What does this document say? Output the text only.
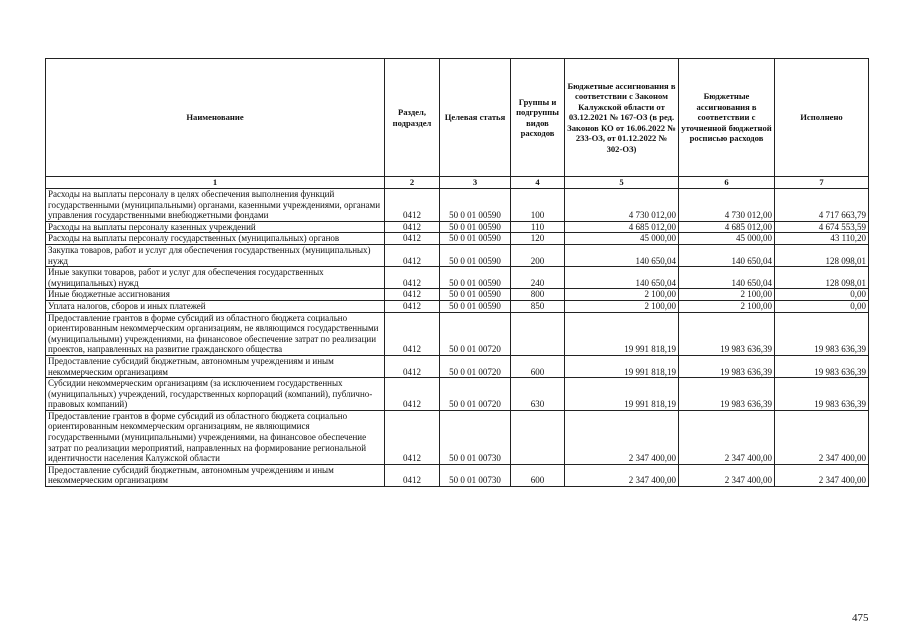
Наименование	Раздел, подраздел	Целевая статья	Группы и подгруппы видов расходов	Бюджетные ассигнования в соответствии с Законом Калужской области от 03.12.2021 № 167-ОЗ (в ред. Законов КО от 16.06.2022 № 233-ОЗ, от 01.12.2022 № 302-ОЗ)	Бюджетные ассигнования в соответствии с уточненной бюджетной росписью расходов	Исполнено
1	2	3	4	5	6	7
Расходы на выплаты персоналу в целях обеспечения выполнения функций государственными (муниципальными) органами, казенными учреждениями, органами управления государственными внебюджетными фондами	0412	50 0 01 00590	100	4 730 012,00	4 730 012,00	4 717 663,79
Расходы на выплаты персоналу казенных учреждений	0412	50 0 01 00590	110	4 685 012,00	4 685 012,00	4 674 553,59
Расходы на выплаты персоналу государственных (муниципальных) органов	0412	50 0 01 00590	120	45 000,00	45 000,00	43 110,20
Закупка товаров, работ и услуг для обеспечения государственных (муниципальных) нужд	0412	50 0 01 00590	200	140 650,04	140 650,04	128 098,01
Иные закупки товаров, работ и услуг для обеспечения государственных (муниципальных) нужд	0412	50 0 01 00590	240	140 650,04	140 650,04	128 098,01
Иные бюджетные ассигнования	0412	50 0 01 00590	800	2 100,00	2 100,00	0,00
Уплата налогов, сборов и иных платежей	0412	50 0 01 00590	850	2 100,00	2 100,00	0,00
Предоставление грантов в форме субсидий из областного бюджета социально ориентированным некоммерческим организациям, не являющимся государственными (муниципальными) учреждениями, на финансовое обеспечение затрат по реализации проектов, направленных на развитие гражданского общества	0412	50 0 01 00720		19 991 818,19	19 983 636,39	19 983 636,39
Предоставление субсидий бюджетным, автономным учреждениям и иным некоммерческим организациям	0412	50 0 01 00720	600	19 991 818,19	19 983 636,39	19 983 636,39
Субсидии некоммерческим организациям (за исключением государственных (муниципальных) учреждений, государственных корпораций (компаний), публично-правовых компаний)	0412	50 0 01 00720	630	19 991 818,19	19 983 636,39	19 983 636,39
Предоставление грантов в форме субсидий из областного бюджета социально ориентированным некоммерческим организациям, не являющимися государственными (муниципальными) учреждениями, на финансовое обеспечение затрат по реализации мероприятий, направленных на формирование региональной идентичности населения Калужской области	0412	50 0 01 00730		2 347 400,00	2 347 400,00	2 347 400,00
Предоставление субсидий бюджетным, автономным учреждениям и иным некоммерческим организациям	0412	50 0 01 00730	600	2 347 400,00	2 347 400,00	2 347 400,00
475
